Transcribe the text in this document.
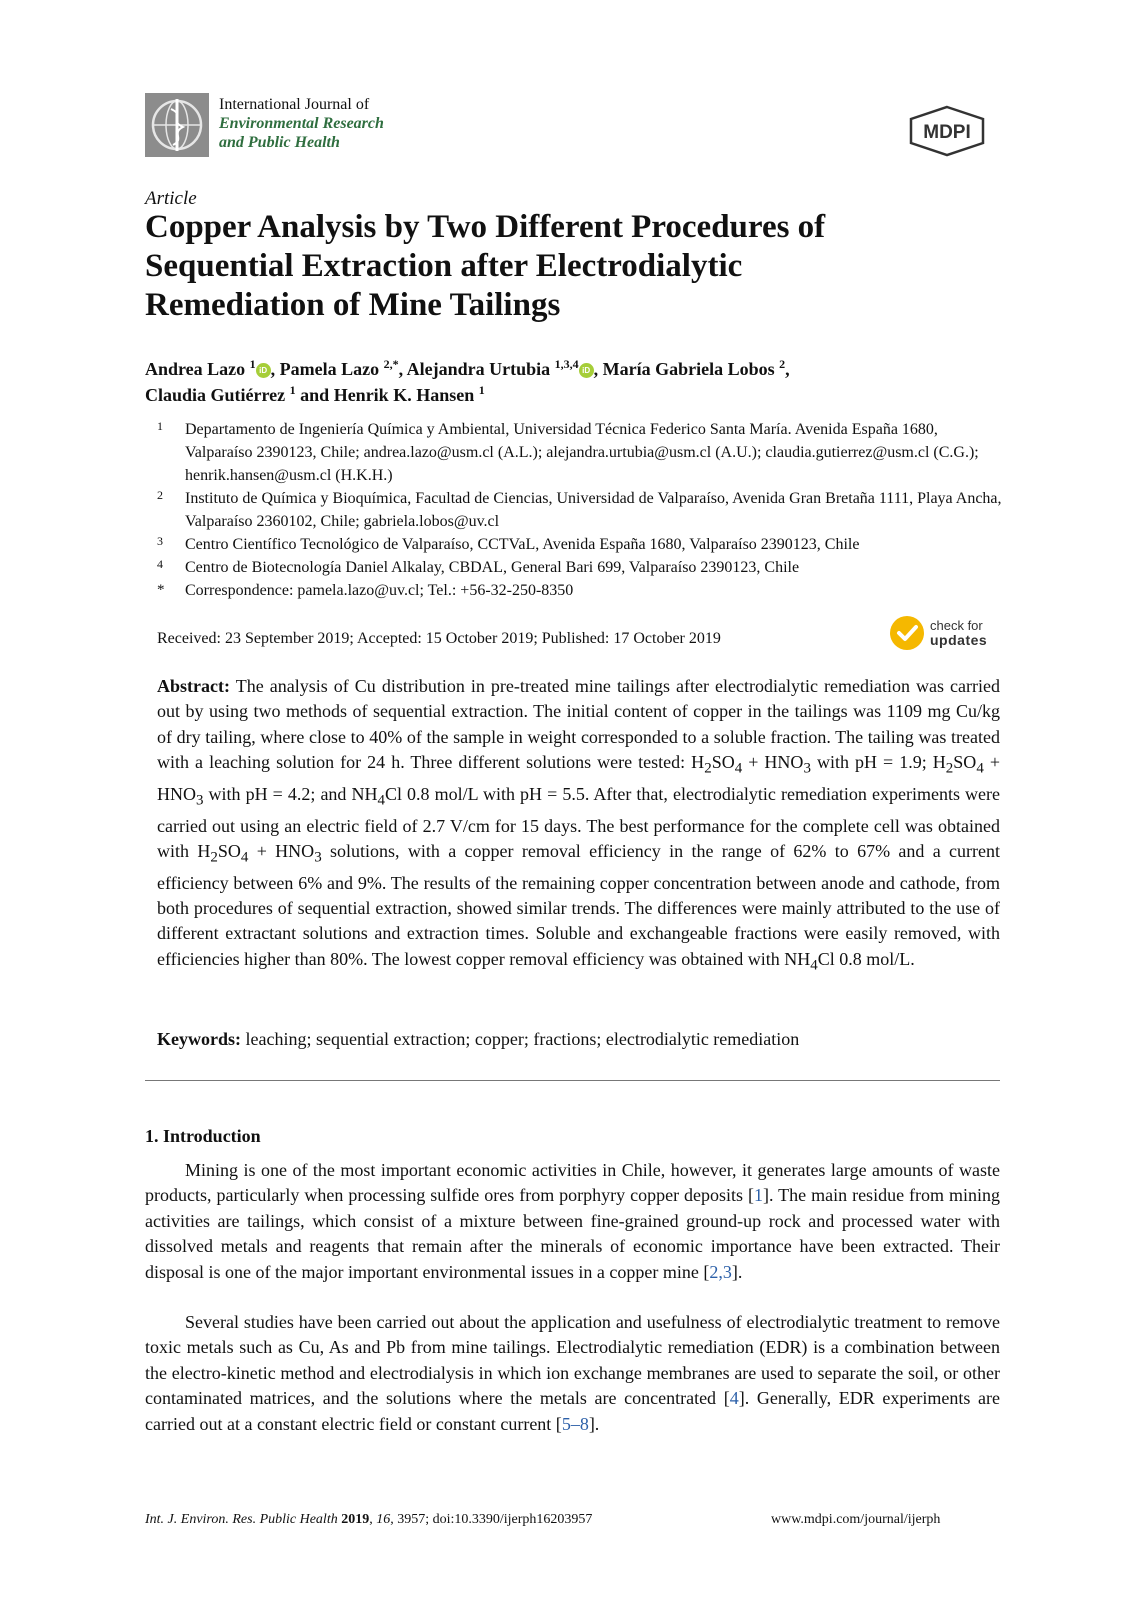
International Journal of
Environmental Research
and Public Health	MDPI
Article
Copper Analysis by Two Different Procedures of
Sequential Extraction after Electrodialytic
Remediation of Mine Tailings
Andrea Lazo $^1$ iD , Pamela Lazo $^{2,*}$, Alejandra Urtubia $^{1,3,4}$ iD , María Gabriela Lobos $^2$,
Claudia Gutiérrez $^1$ and Henrik K. Hansen $^1$
1 Departamento de Ingeniería Química y Ambiental, Universidad Técnica Federico Santa María. Avenida España 1680, Valparaíso 2390123, Chile; andrea.lazo@usm.cl (A.L.); alejandra.urtubia@usm.cl (A.U.); claudia.gutierrez@usm.cl (C.G.); henrik.hansen@usm.cl (H.K.H.)
2 Instituto de Química y Bioquímica, Facultad de Ciencias, Universidad de Valparaíso, Avenida Gran Bretaña 1111, Playa Ancha, Valparaíso 2360102, Chile; gabriela.lobos@uv.cl
3 Centro Científico Tecnológico de Valparaíso, CCTVaL, Avenida España 1680, Valparaíso 2390123, Chile
4 Centro de Biotecnología Daniel Alkalay, CBDAL, General Bari 699, Valparaíso 2390123, Chile
* Correspondence: pamela.lazo@uv.cl; Tel.: +56-32-250-8350
Received: 23 September 2019; Accepted: 15 October 2019; Published: 17 October 2019
check for
updates

Abstract: The analysis of Cu distribution in pre-treated mine tailings after electrodialytic remediation was carried out by using two methods of sequential extraction. The initial content of copper in the tailings was 1109 mg Cu/kg of dry tailing, where close to 40% of the sample in weight corresponded to a soluble fraction. The tailing was treated with a leaching solution for 24 h. Three different solutions were tested: $H_2SO_4 + HNO_3$ with pH = 1.9; $H_2SO_4 + HNO_3$ with pH = 4.2; and $NH_4Cl$ 0.8 mol/L with pH = 5.5. After that, electrodialytic remediation experiments were carried out using an electric field of 2.7 V/cm for 15 days. The best performance for the complete cell was obtained with $H_2SO_4 + HNO_3$ solutions, with a copper removal efficiency in the range of 62% to 67% and a current efficiency between 6% and 9%. The results of the remaining copper concentration between anode and cathode, from both procedures of sequential extraction, showed similar trends. The differences were mainly attributed to the use of different extractant solutions and extraction times. Soluble and exchangeable fractions were easily removed, with efficiencies higher than 80%. The lowest copper removal efficiency was obtained with $NH_4Cl$ 0.8 mol/L.

Keywords: leaching; sequential extraction; copper; fractions; electrodialytic remediation

1. Introduction

Mining is one of the most important economic activities in Chile, however, it generates large amounts of waste products, particularly when processing sulfide ores from porphyry copper deposits [1]. The main residue from mining activities are tailings, which consist of a mixture between fine-grained ground-up rock and processed water with dissolved metals and reagents that remain after the minerals of economic importance have been extracted. Their disposal is one of the major important environmental issues in a copper mine [2,3].

Several studies have been carried out about the application and usefulness of electrodialytic treatment to remove toxic metals such as Cu, As and Pb from mine tailings. Electrodialytic remediation (EDR) is a combination between the electro-kinetic method and electrodialysis in which ion exchange membranes are used to separate the soil, or other contaminated matrices, and the solutions where the metals are concentrated [4]. Generally, EDR experiments are carried out at a constant electric field or constant current [5–8].

Int. J. Environ. Res. Public Health 2019, 16, 3957; doi:10.3390/ijerph16203957	www.mdpi.com/journal/ijerph
